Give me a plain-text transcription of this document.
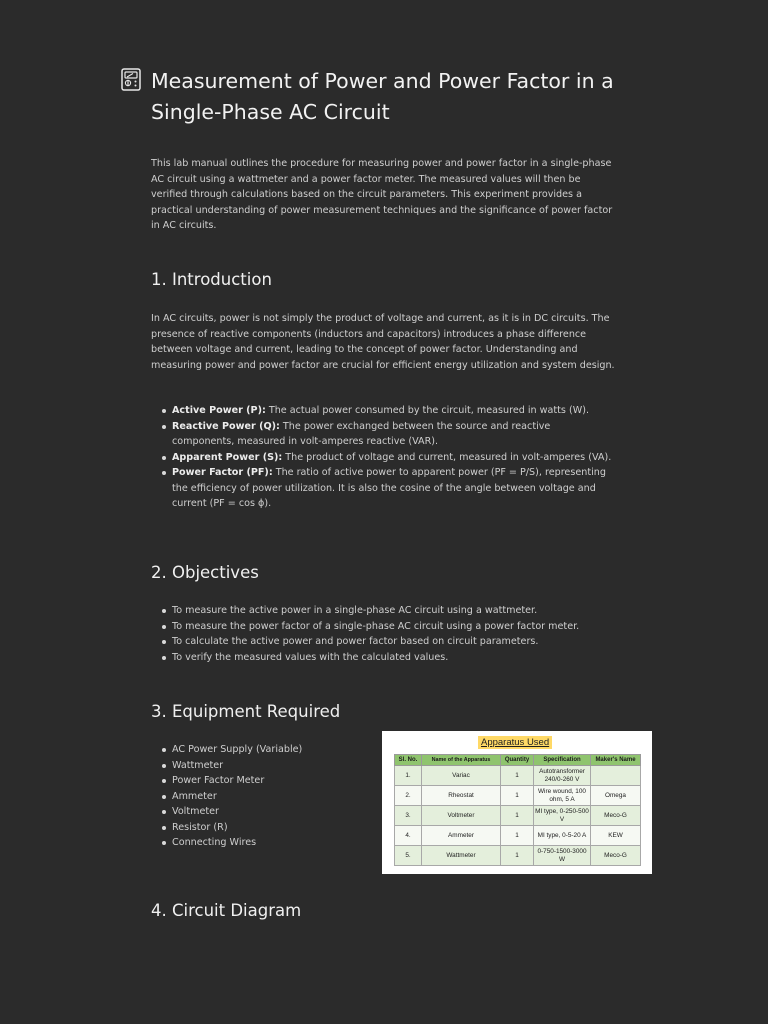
Measurement of Power and Power Factor in a Single-Phase AC Circuit

This lab manual outlines the procedure for measuring power and power factor in a single-phase AC circuit using a wattmeter and a power factor meter. The measured values will then be verified through calculations based on the circuit parameters. This experiment provides a practical understanding of power measurement techniques and the significance of power factor in AC circuits.

1. Introduction

In AC circuits, power is not simply the product of voltage and current, as it is in DC circuits. The presence of reactive components (inductors and capacitors) introduces a phase difference between voltage and current, leading to the concept of power factor. Understanding and measuring power and power factor are crucial for efficient energy utilization and system design.

Active Power (P): The actual power consumed by the circuit, measured in watts (W).
Reactive Power (Q): The power exchanged between the source and reactive components, measured in volt-amperes reactive (VAR).
Apparent Power (S): The product of voltage and current, measured in volt-amperes (VA).
Power Factor (PF): The ratio of active power to apparent power (PF = P/S), representing the efficiency of power utilization. It is also the cosine of the angle between voltage and current (PF = cos ϕ).
2. Objectives
To measure the active power in a single-phase AC circuit using a wattmeter.
To measure the power factor of a single-phase AC circuit using a power factor meter.
To calculate the active power and power factor based on circuit parameters.
To verify the measured values with the calculated values.
3. Equipment Required
AC Power Supply (Variable)
Wattmeter
Power Factor Meter
Ammeter
Voltmeter
Resistor (R)
Connecting Wires
Apparatus Used
Sl. No.	Name of the Apparatus	Quantity	Specification	Maker's Name
1.	Variac	1	Autotransformer 240/0-260 V	
2.	Rheostat	1	Wire wound, 100 ohm, 5 A	Omega
3.	Voltmeter	1	MI type, 0-250-500 V	Meco-G
4.	Ammeter	1	MI type, 0-5-20 A	KEW
5.	Wattmeter	1	0-750-1500-3000 W	Meco-G
4. Circuit Diagram
